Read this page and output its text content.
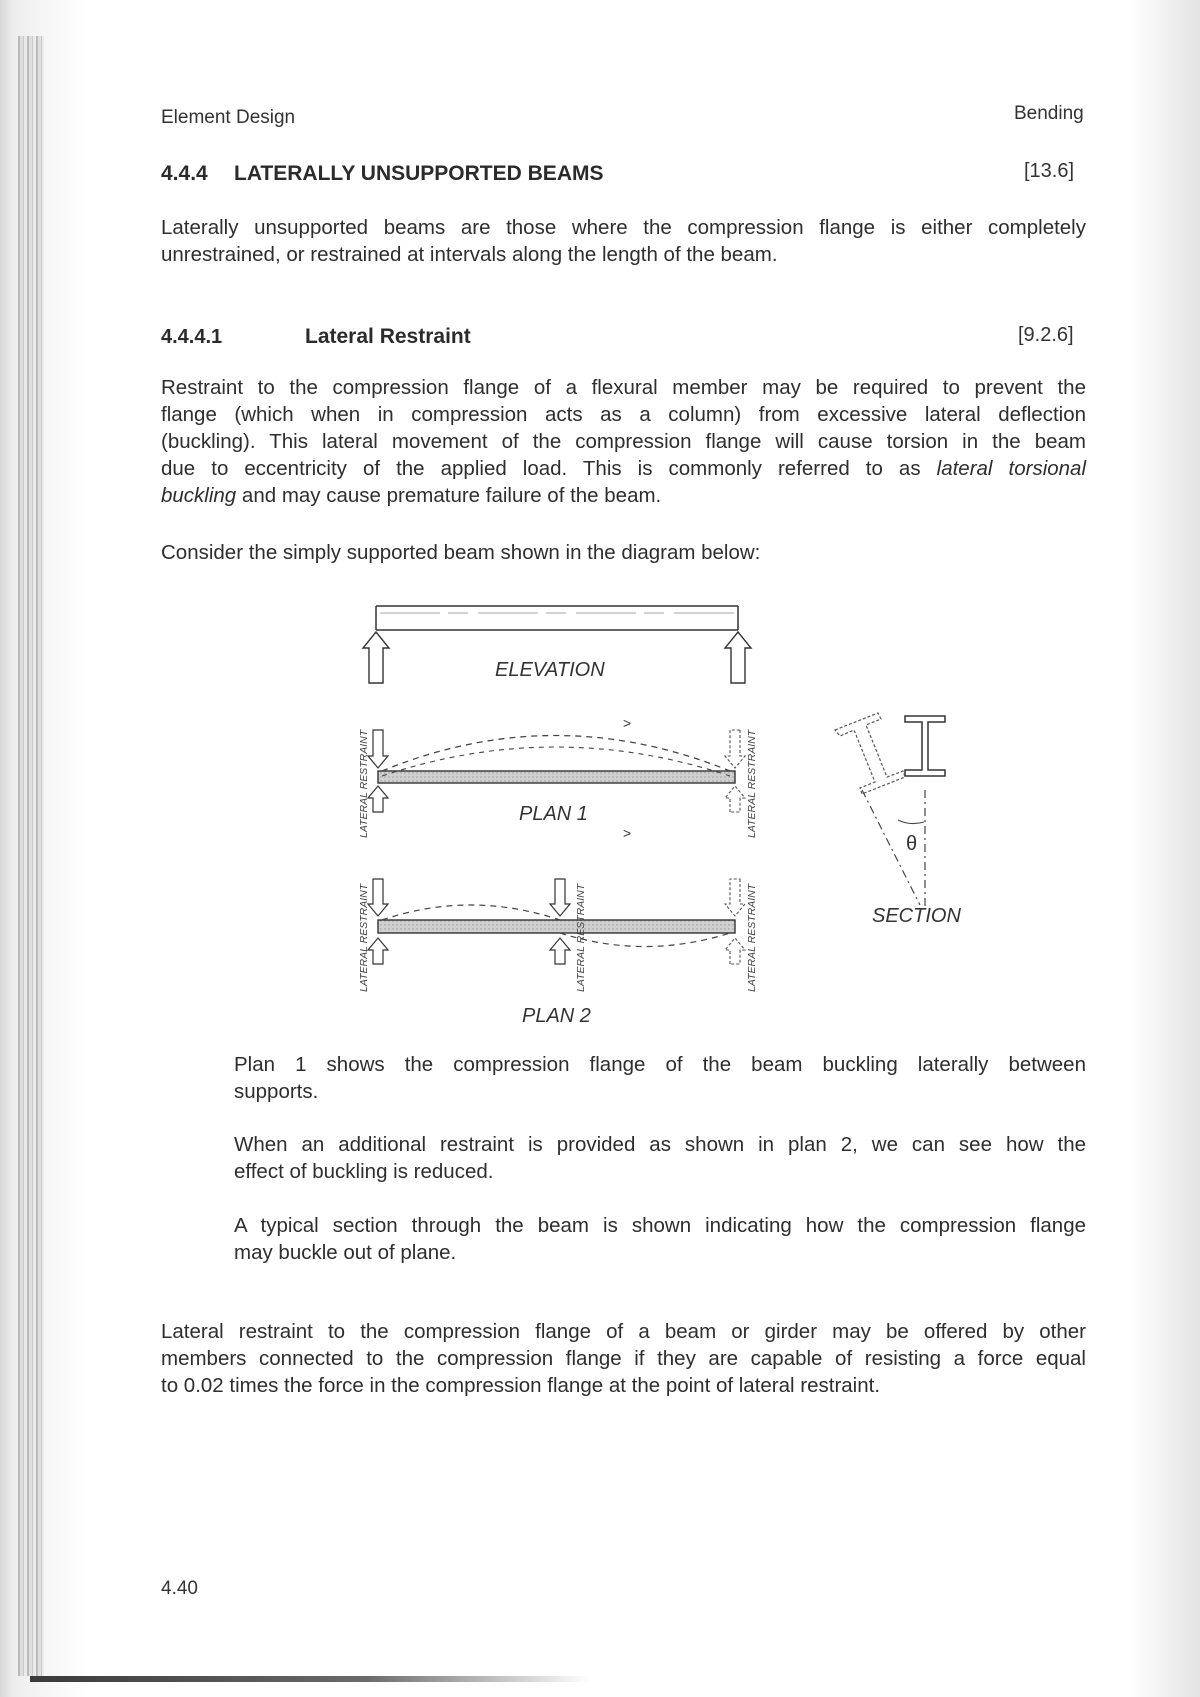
Element Design	Bending
4.4.4 LATERALLY UNSUPPORTED BEAMS	[13.6]

Laterally unsupported beams are those where the compression flange is either completely
unrestrained, or restrained at intervals along the length of the beam.

4.4.4.1	Lateral Restraint	[9.2.6]

Restraint to the compression flange of a flexural member may be required to prevent the
flange (which when in compression acts as a column) from excessive lateral deflection
(buckling). This lateral movement of the compression flange will cause torsion in the beam
due to eccentricity of the applied load. This is commonly referred to as lateral torsional
buckling and may cause premature failure of the beam.

Consider the simply supported beam shown in the diagram below:

ELEVATION
>
>
LATERAL RESTRAINT	LATERAL RESTRAINT
PLAN 1
LATERAL RESTRAINT	LATERAL RESTRAINT	LATERAL RESTRAINT
PLAN 2
θ
SECTION

Plan 1 shows the compression flange of the beam buckling laterally between
supports.

When an additional restraint is provided as shown in plan 2, we can see how the
effect of buckling is reduced.

A typical section through the beam is shown indicating how the compression flange
may buckle out of plane.

Lateral restraint to the compression flange of a beam or girder may be offered by other
members connected to the compression flange if they are capable of resisting a force equal
to 0.02 times the force in the compression flange at the point of lateral restraint.

4.40
